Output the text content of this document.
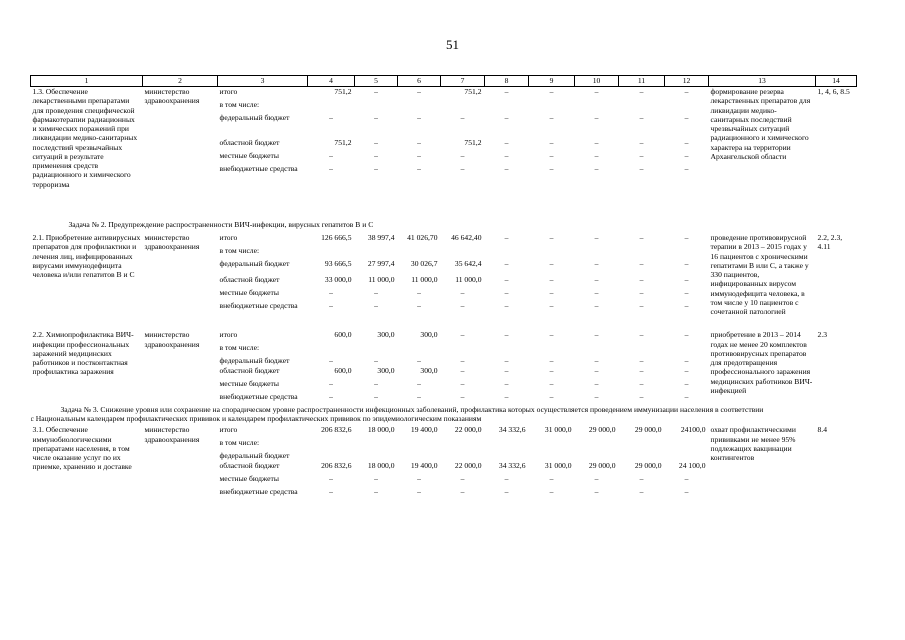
51
1	2	3	4	5	6	7	8	9	10	11	12	13	14
1.3. Обеспечение лекарственными препаратами для проведения специфической фармакотерапии радиационных и химических поражений при ликвидации медико-санитарных последствий чрезвычайных ситуаций в результате применения средств радиационного и химического терроризма	министерство здравоохранения	итого	751,2	–	–	751,2	–	–	–	–	–	формирование резерва лекарственных препаратов для ликвидации медико-санитарных последствий чрезвычайных ситуаций радиационного и химического характера на территории Архангельской области	1, 4, 6, 8.5
		в том числе:											
		федеральный бюджет	–	–	–	–	–	–	–	–	–		
		областной бюджет	751,2	–	–	751,2	–	–	–	–	–		
		местные бюджеты	–	–	–	–	–	–	–	–	–		
		внебюджетные средства	–	–	–	–	–	–	–	–	–		

Задача № 2. Предупреждение распространенности ВИЧ-инфекции, вирусных гепатитов В и С													
2.1. Приобретение антивирусных препаратов для профилактики и лечения лиц, инфицированных вирусами иммунодефицита человека и/или гепатитов В и С	министерство здравоохранения	итого	126 666,5	38 997,4	41 026,70	46 642,40	–	–	–	–	–	проведение противовирусной терапии в 2013 – 2015 годах у 16 пациентов с хроническими гепатитами В или С, а также у 330 пациентов, инфицированных вирусом иммунодефицита человека, в том числе у 10 пациентов с сочетанной патологией	2.2, 2.3, 4.11
		в том числе:											
		федеральный бюджет	93 666,5	27 997,4	30 026,7	35 642,4	–	–	–	–	–		
		областной бюджет	33 000,0	11 000,0	11 000,0	11 000,0	–	–	–	–	–		
		местные бюджеты	–	–	–	–	–	–	–	–	–		
		внебюджетные средства	–	–	–	–	–	–	–	–	–		

2.2. Химиопрофилактика ВИЧ-инфекции профессиональных заражений медицинских работников и постконтактная профилактика заражения	министерство здравоохранения	итого	600,0	300,0	300,0	–	–	–	–	–	–	приобретение в 2013 – 2014 годах не менее 20 комплектов противовирусных препаратов для предотвращения профессионального заражения медицинских работников ВИЧ-инфекцией	2.3
		в том числе:											
		федеральный бюджет	–	–	–	–	–	–	–	–	–		
		областной бюджет	600,0	300,0	300,0	–	–	–	–	–	–		
		местные бюджеты	–	–	–	–	–	–	–	–	–		
		внебюджетные средства	–	–	–	–	–	–	–	–	–		

Задача № 3. Снижение уровня или сохранение на спорадическом уровне распространенности инфекционных заболеваний, профилактика которых осуществляется проведением иммунизации населения в соответствии
с Национальным календарем профилактических прививок и календарем профилактических прививок по эпидемиологическим показаниям													

3.1. Обеспечение иммунобиологическими препаратами населения, в том числе оказание услуг по их приемке, хранению и доставке	министерство здравоохранения	итого	206 832,6	18 000,0	19 400,0	22 000,0	34 332,6	31 000,0	29 000,0	29 000,0	24100,0	охват профилактическими прививками не менее 95% подлежащих вакцинации контингентов	8.4
		в том числе:											
		федеральный бюджет											
		областной бюджет	206 832,6	18 000,0	19 400,0	22 000,0	34 332,6	31 000,0	29 000,0	29 000,0	24 100,0		
		местные бюджеты	–	–	–	–	–	–	–	–	–		
		внебюджетные средства	–	–	–	–	–	–	–	–	–		
